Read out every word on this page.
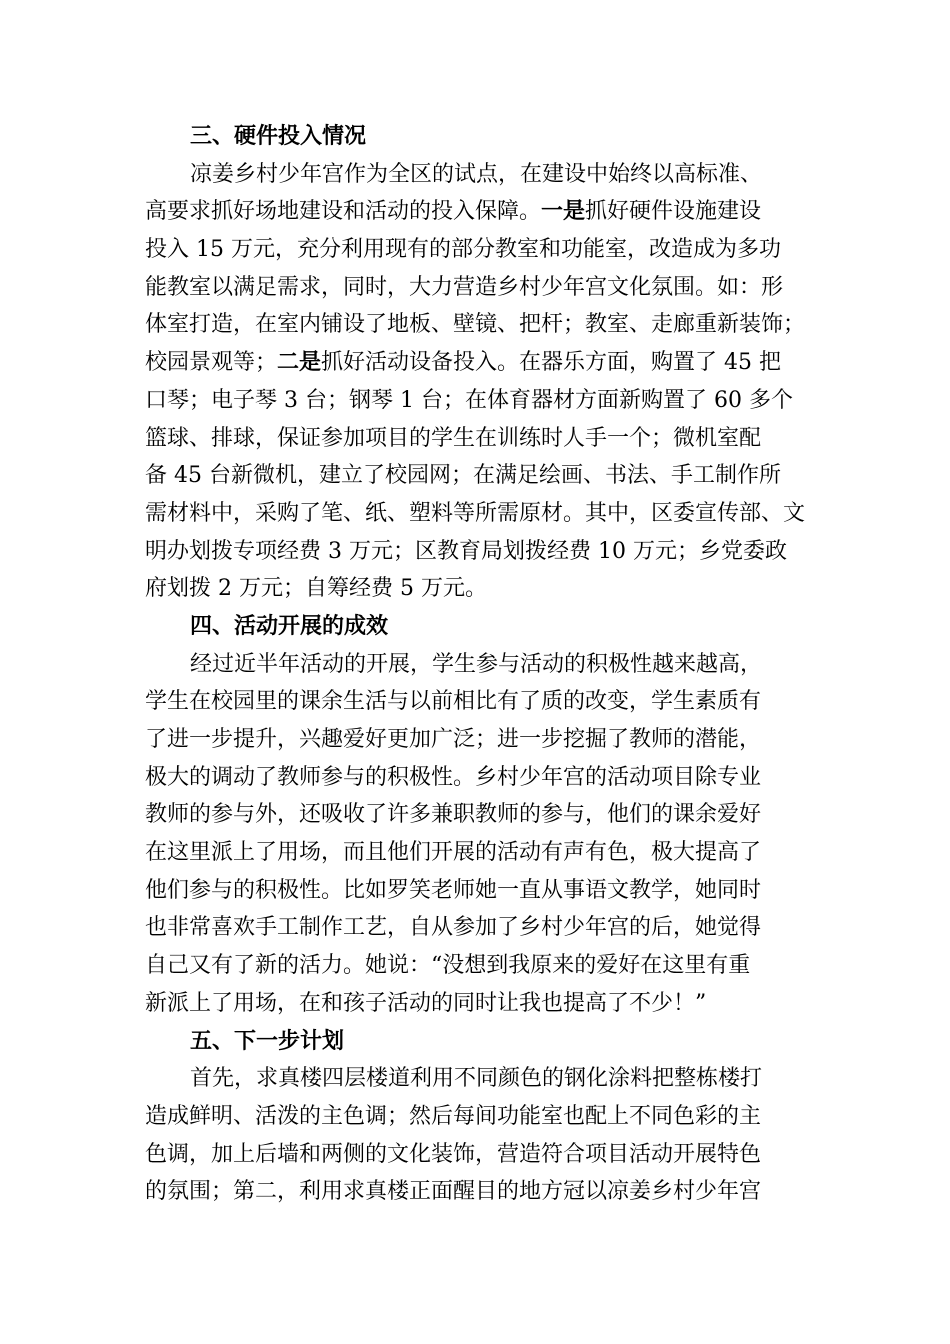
三、硬件投入情况

凉姜乡村少年宫作为全区的试点，在建设中始终以高标准、
高要求抓好场地建设和活动的投入保障。一是抓好硬件设施建设
投入 15 万元，充分利用现有的部分教室和功能室，改造成为多功
能教室以满足需求，同时，大力营造乡村少年宫文化氛围。如：形
体室打造，在室内铺设了地板、壁镜、把杆；教室、走廊重新装饰；
校园景观等；二是抓好活动设备投入。在器乐方面，购置了 45 把
口琴；电子琴 3 台；钢琴 1 台；在体育器材方面新购置了 60 多个
篮球、排球，保证参加项目的学生在训练时人手一个；微机室配
备 45 台新微机，建立了校园网；在满足绘画、书法、手工制作所
需材料中，采购了笔、纸、塑料等所需原材。其中，区委宣传部、文
明办划拨专项经费 3 万元；区教育局划拨经费 10 万元；乡党委政
府划拨 2 万元；自筹经费 5 万元。

四、活动开展的成效

经过近半年活动的开展，学生参与活动的积极性越来越高，
学生在校园里的课余生活与以前相比有了质的改变，学生素质有
了进一步提升，兴趣爱好更加广泛；进一步挖掘了教师的潜能，
极大的调动了教师参与的积极性。乡村少年宫的活动项目除专业
教师的参与外，还吸收了许多兼职教师的参与，他们的课余爱好
在这里派上了用场，而且他们开展的活动有声有色，极大提高了
他们参与的积极性。比如罗笑老师她一直从事语文教学，她同时
也非常喜欢手工制作工艺，自从参加了乡村少年宫的后，她觉得
自己又有了新的活力。她说：“没想到我原来的爱好在这里有重
新派上了用场，在和孩子活动的同时让我也提高了不少！”

五、下一步计划

首先，求真楼四层楼道利用不同颜色的钢化涂料把整栋楼打
造成鲜明、活泼的主色调；然后每间功能室也配上不同色彩的主
色调，加上后墙和两侧的文化装饰，营造符合项目活动开展特色
的氛围；第二，利用求真楼正面醒目的地方冠以凉姜乡村少年宫
